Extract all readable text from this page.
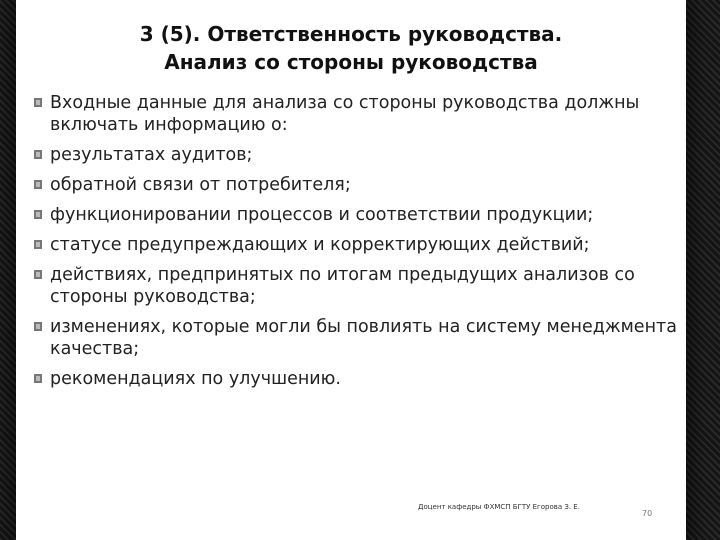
3 (5). Ответственность руководства.
Анализ со стороны руководства
Входные данные для анализа со стороны руководства должны включать информацию о:
результатах аудитов;
обратной связи от потребителя;
функционировании процессов и соответствии продукции;
статусе предупреждающих и корректирующих действий;
действиях, предпринятых по итогам предыдущих анализов со стороны руководства;
изменениях, которые могли бы повлиять на систему менеджмента качества;
рекомендациях по улучшению.
Доцент кафедры ФХМСП БГТУ Егорова З. Е.
70
